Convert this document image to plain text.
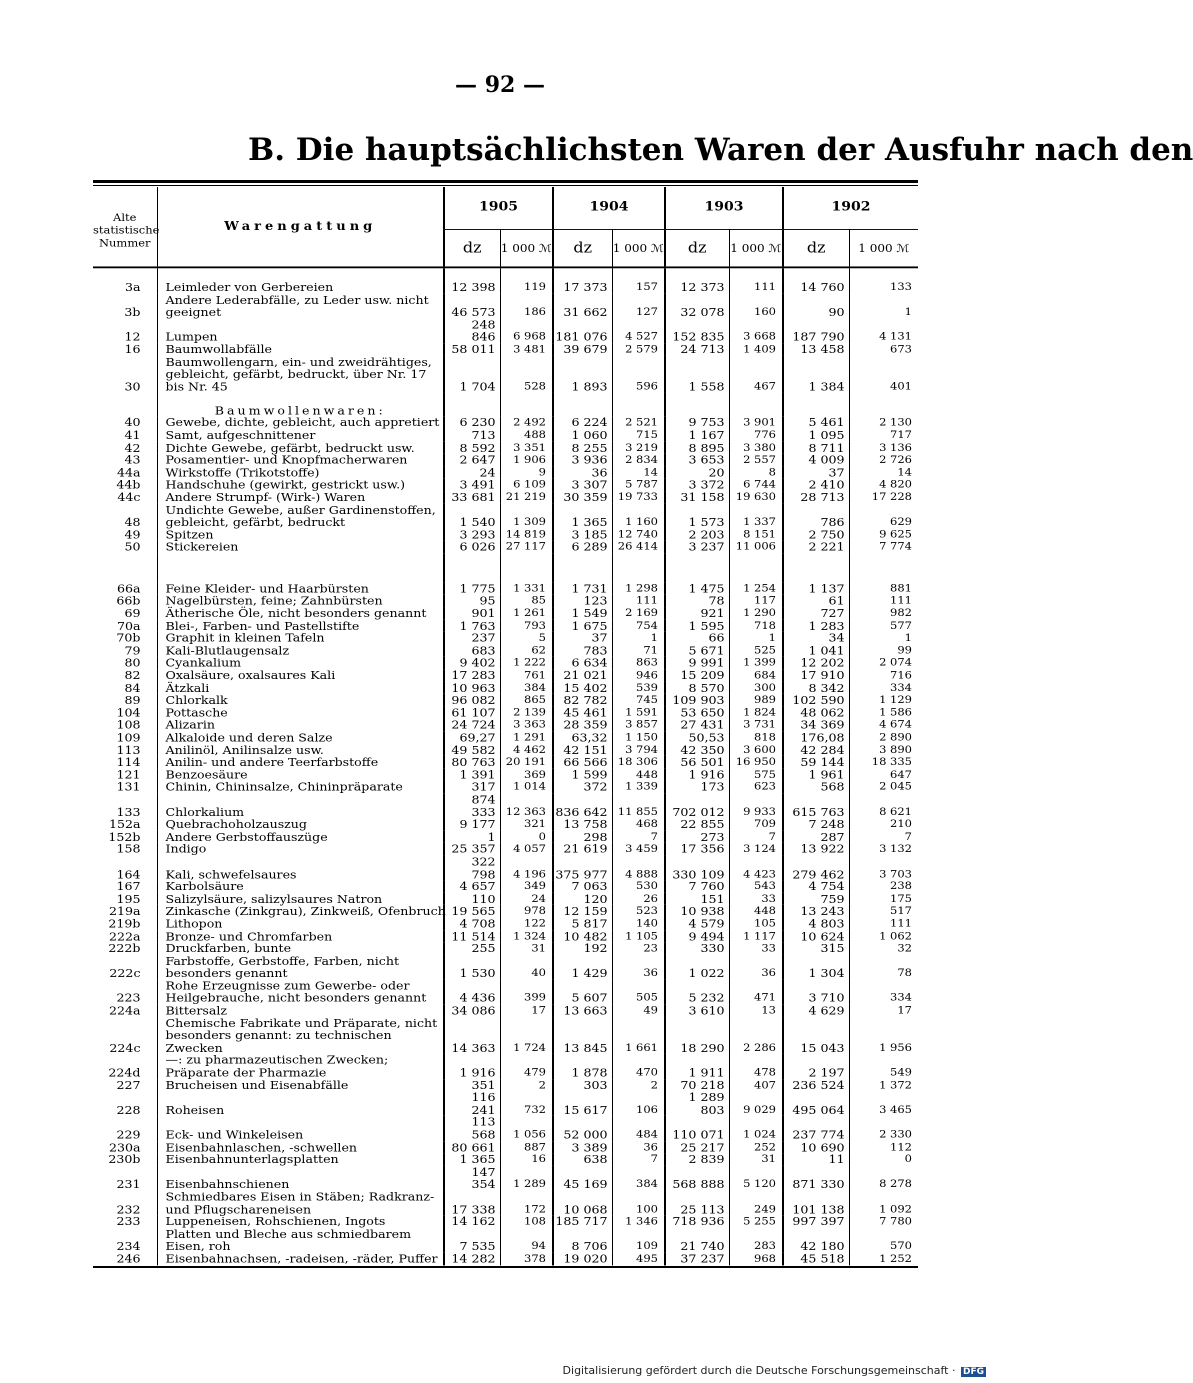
— 92 —
B. Die hauptsächlichsten Waren der Ausfuhr nach den
Alte statistische Nummer	Warengattung	1905		1904		1903		1902	
		dz	1 000 ℳ	dz	1 000 ℳ	dz	1 000 ℳ	dz	1 000 ℳ

3a	Leimleder von Gerbereien	12 398	119	17 373	157	12 373	111	14 760	133
3b	Andere Lederabfälle, zu Leder usw. nicht geeignet	46 573	186	31 662	127	32 078	160	90	1
12	Lumpen	248 846	6 968	181 076	4 527	152 835	3 668	187 790	4 131
16	Baumwollabfälle	58 011	3 481	39 679	2 579	24 713	1 409	13 458	673
30	Baumwollengarn, ein- und zweidrähtiges, gebleicht, gefärbt, bedruckt, über Nr. 17 bis Nr. 45	1 704	528	1 893	596	1 558	467	1 384	401
	Baumwollenwaren:								
40	Gewebe, dichte, gebleicht, auch appretiert	6 230	2 492	6 224	2 521	9 753	3 901	5 461	2 130
41	Samt, aufgeschnittener	713	488	1 060	715	1 167	776	1 095	717
42	Dichte Gewebe, gefärbt, bedruckt usw.	8 592	3 351	8 255	3 219	8 895	3 380	8 711	3 136
43	Posamentier- und Knopfmacherwaren	2 647	1 906	3 936	2 834	3 653	2 557	4 009	2 726
44a	Wirkstoffe (Trikotstoffe)	24	9	36	14	20	8	37	14
44b	Handschuhe (gewirkt, gestrickt usw.)	3 491	6 109	3 307	5 787	3 372	6 744	2 410	4 820
44c	Andere Strumpf- (Wirk-) Waren	33 681	21 219	30 359	19 733	31 158	19 630	28 713	17 228
48	Undichte Gewebe, außer Gardinenstoffen, gebleicht, gefärbt, bedruckt	1 540	1 309	1 365	1 160	1 573	1 337	786	629
49	Spitzen	3 293	14 819	3 185	12 740	2 203	8 151	2 750	9 625
50	Stickereien	6 026	27 117	6 289	26 414	3 237	11 006	2 221	7 774

66a	Feine Kleider- und Haarbürsten	1 775	1 331	1 731	1 298	1 475	1 254	1 137	881
66b	Nagelbürsten, feine; Zahnbürsten	95	85	123	111	78	117	61	111
69	Ätherische Öle, nicht besonders genannt	901	1 261	1 549	2 169	921	1 290	727	982
70a	Blei-, Farben- und Pastellstifte	1 763	793	1 675	754	1 595	718	1 283	577
70b	Graphit in kleinen Tafeln	237	5	37	1	66	1	34	1
79	Kali-Blutlaugensalz	683	62	783	71	5 671	525	1 041	99
80	Cyankalium	9 402	1 222	6 634	863	9 991	1 399	12 202	2 074
82	Oxalsäure, oxalsaures Kali	17 283	761	21 021	946	15 209	684	17 910	716
84	Ätzkali	10 963	384	15 402	539	8 570	300	8 342	334
89	Chlorkalk	96 082	865	82 782	745	109 903	989	102 590	1 129
104	Pottasche	61 107	2 139	45 461	1 591	53 650	1 824	48 062	1 586
108	Alizarin	24 724	3 363	28 359	3 857	27 431	3 731	34 369	4 674
109	Alkaloide und deren Salze	69,27	1 291	63,32	1 150	50,53	818	176,08	2 890
113	Anilinöl, Anilinsalze usw.	49 582	4 462	42 151	3 794	42 350	3 600	42 284	3 890
114	Anilin- und andere Teerfarbstoffe	80 763	20 191	66 566	18 306	56 501	16 950	59 144	18 335
121	Benzoesäure	1 391	369	1 599	448	1 916	575	1 961	647
131	Chinin, Chininsalze, Chininpräparate	317	1 014	372	1 339	173	623	568	2 045
133	Chlorkalium	874 333	12 363	836 642	11 855	702 012	9 933	615 763	8 621
152a	Quebrachoholzauszug	9 177	321	13 758	468	22 855	709	7 248	210
152b	Andere Gerbstoffauszüge	1	0	298	7	273	7	287	7
158	Indigo	25 357	4 057	21 619	3 459	17 356	3 124	13 922	3 132
164	Kali, schwefelsaures	322 798	4 196	375 977	4 888	330 109	4 423	279 462	3 703
167	Karbolsäure	4 657	349	7 063	530	7 760	543	4 754	238
195	Salizylsäure, salizylsaures Natron	110	24	120	26	151	33	759	175
219a	Zinkasche (Zinkgrau), Zinkweiß, Ofenbruch	19 565	978	12 159	523	10 938	448	13 243	517
219b	Lithopon	4 708	122	5 817	140	4 579	105	4 803	111
222a	Bronze- und Chromfarben	11 514	1 324	10 482	1 105	9 494	1 117	10 624	1 062
222b	Druckfarben, bunte	255	31	192	23	330	33	315	32
222c	Farbstoffe, Gerbstoffe, Farben, nicht besonders genannt	1 530	40	1 429	36	1 022	36	1 304	78
223	Rohe Erzeugnisse zum Gewerbe- oder Heilgebrauche, nicht besonders genannt	4 436	399	5 607	505	5 232	471	3 710	334
224a	Bittersalz	34 086	17	13 663	49	3 610	13	4 629	17
224c	Chemische Fabrikate und Präparate, nicht besonders genannt: zu technischen Zwecken	14 363	1 724	13 845	1 661	18 290	2 286	15 043	1 956
224d	—: zu pharmazeutischen Zwecken; Präparate der Pharmazie	1 916	479	1 878	470	1 911	478	2 197	549
227	Brucheisen und Eisenabfälle	351	2	303	2	70 218	407	236 524	1 372
228	Roheisen	116 241	732	15 617	106	1 289 803	9 029	495 064	3 465
229	Eck- und Winkeleisen	113 568	1 056	52 000	484	110 071	1 024	237 774	2 330
230a	Eisenbahnlaschen, -schwellen	80 661	887	3 389	36	25 217	252	10 690	112
230b	Eisenbahnunterlagsplatten	1 365	16	638	7	2 839	31	11	0
231	Eisenbahnschienen	147 354	1 289	45 169	384	568 888	5 120	871 330	8 278
232	Schmiedbares Eisen in Stäben; Radkranz- und Pflugschareneisen	17 338	172	10 068	100	25 113	249	101 138	1 092
233	Luppeneisen, Rohschienen, Ingots	14 162	108	185 717	1 346	718 936	5 255	997 397	7 780
234	Platten und Bleche aus schmiedbarem Eisen, roh	7 535	94	8 706	109	21 740	283	42 180	570
246	Eisenbahnachsen, -radeisen, -räder, Puffer	14 282	378	19 020	495	37 237	968	45 518	1 252
Digitalisierung gefördert durch die Deutsche Forschungsgemeinschaft · DFG
